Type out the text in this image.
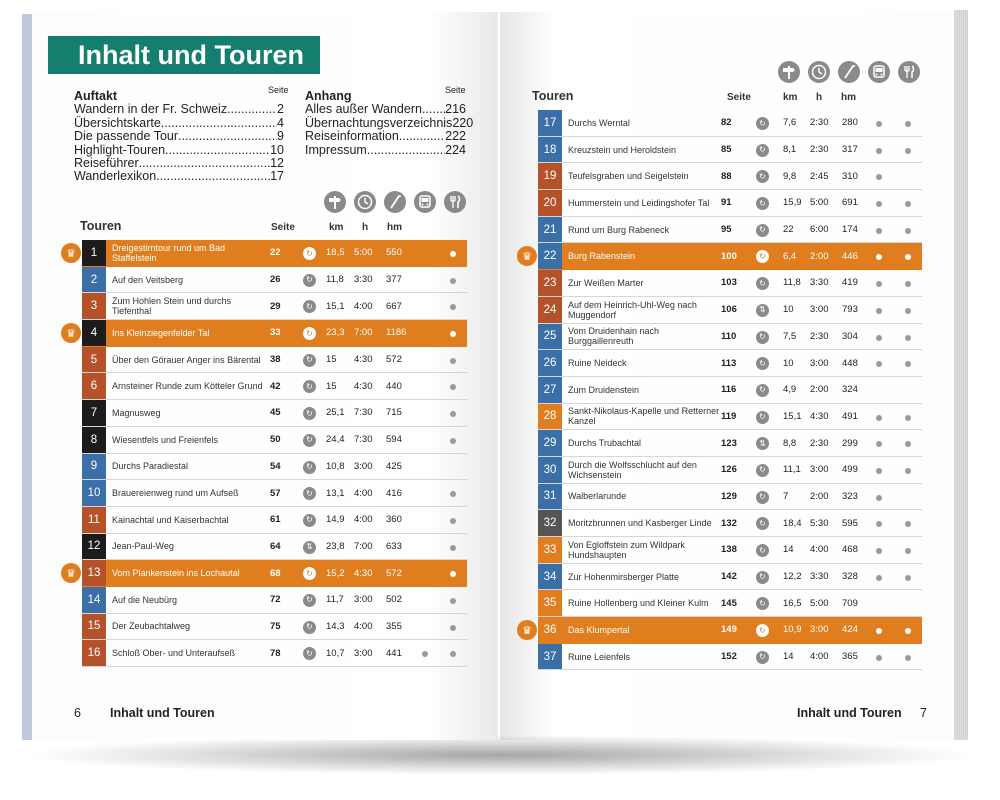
Inhalt und Touren
Auftakt	Seite
Wandern in der Fr. Schweiz .....	2
Übersichtskarte .....	4
Die passende Tour .....	9
Highlight-Touren .....	10
Reiseführer .....	12
Wanderlexikon .....	17
Anhang	Seite
Alles außer Wandern ..... 216
Übernachtungsverzeichnis 220
Reiseinformation .....	222
Impressum .....	224
Touren	Seite	km h hm
1	Dreigestirntour rund um Bad Staffelstein	22	↻	18,5 5:00 550
2	Auf den Veitsberg	26	↻	11,8 3:30 377
3	Zum Hohlen Stein und durchs Tiefenthal	29	↻	15,1 4:00 667
4	Ins Kleinziegenfelder Tal	33	↻	23,3 7:00 1186
5	Über den Görauer Anger ins Bärental 38	↻	15 4:30 572
6	Arnsteiner Runde zum Kötteler Grund 42	↻	15 4:30 440
7	Magnusweg	45	↻	25,1 7:30 715
8	Wiesentfels und Freienfels	50	↻	24,4 7:30 594
9	Durchs Paradiestal	54	↻	10,8 3:00 425
10	Brauereienweg rund um Aufseß	57	↻	13,1 4:00 416
11	Kainachtal und Kaiserbachtal	61	↻	14,9 4:00 360
12	Jean-Paul-Weg	64	⇅	23,8 7:00 633
13	Vom Plankenstein ins Lochautal	68	↻	15,2 4:30 572
14	Auf die Neubürg	72	↻	11,7 3:00 502
15	Der Zeubachtalweg	75	↻	14,3 4:00 355
16	Schloß Ober- und Unteraufseß	78	↻	10,7 3:00 441
6 Inhalt und Touren
Touren	Seite	km h hm
17	Durchs Werntal	82	↻	7,6 2:30 280
18	Kreuzstein und Heroldstein	85	↻	8,1 2:30 317
19	Teufelsgraben und Seigelstein	88	↻	9,8 2:45 310
20	Hummerstein und Leidingshofer Tal	91	↻	15,9 5:00 691
21	Rund um Burg Rabeneck	95	↻	22 6:00 174
22	Burg Rabenstein	100	↻	6,4 2:00 446
23	Zur Weißen Marter	103	↻	11,8 3:30 419
24	Auf dem Heinrich-Uhl-Weg nach Muggendorf	106	⇅	10 3:00 793
25	Vom Druidenhain nach Burggaillenreuth	110	↻	7,5 2:30 304
26	Ruine Neideck	113	↻	10 3:00 448
27	Zum Druidenstein	116	↻	4,9 2:00 324
28	Sankt-Nikolaus-Kapelle und Retterner Kanzel	119	↻	15,1 4:30 491
29	Durchs Trubachtal	123	⇅	8,8 2:30 299
30	Durch die Wolfsschlucht auf den Wichsenstein	126	↻	11,1 3:00 499
31	Walberlarunde	129	↻	7 2:00 323
32	Moritzbrunnen und Kasberger Linde 132	↻	18,4 5:30 595
33	Von Egloffstein zum Wildpark Hundshaupten	138	↻	14 4:00 468
34	Zur Hohenmirsberger Platte	142	↻	12,2 3:30 328
35	Ruine Hollenberg und Kleiner Kulm	145	↻	16,5 5:00 709
36	Das Klumpertal	149	↻	10,9 3:00 424
37	Ruine Leienfels	152	↻	14 4:00 365
Inhalt und Touren 7
♛
♛
♛
♛
♛
